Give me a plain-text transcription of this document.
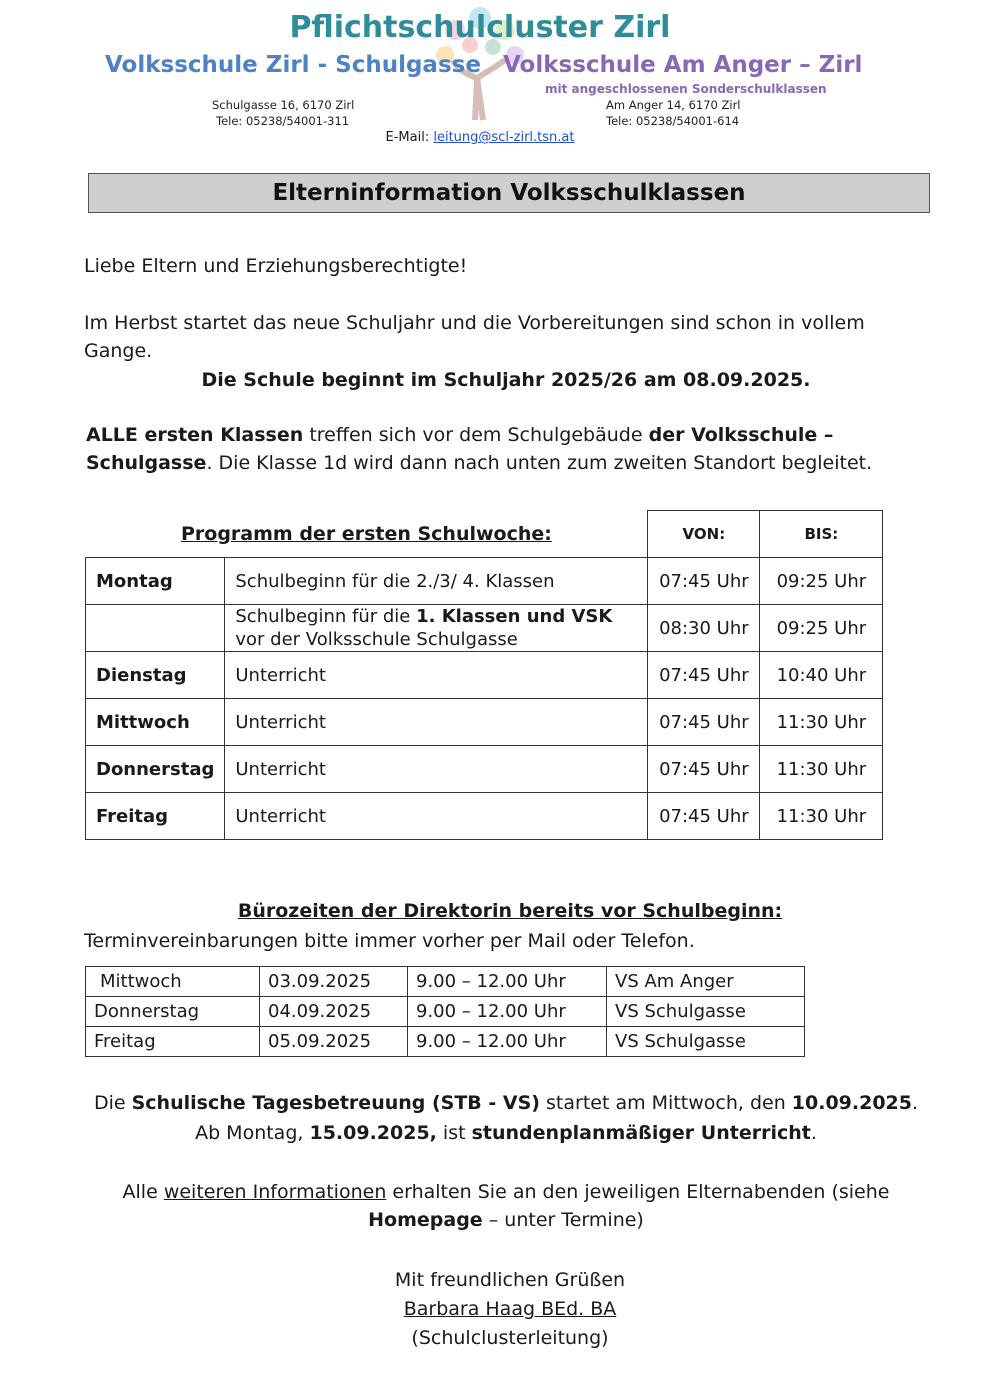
Pflichtschulcluster Zirl
Volksschule Zirl - Schulgasse Volksschule Am Anger – Zirl
mit angeschlossenen Sonderschulklassen
Schulgasse 16, 6170 Zirl
Tele: 05238/54001-311
Am Anger 14, 6170 Zirl
Tele: 05238/54001-614
E-Mail: leitung@scl-zirl.tsn.at
Elterninformation Volksschulklassen
Liebe Eltern und Erziehungsberechtigte!
Im Herbst startet das neue Schuljahr und die Vorbereitungen sind schon in vollem Gange.
Die Schule beginnt im Schuljahr 2025/26 am 08.09.2025.
ALLE ersten Klassen treffen sich vor dem Schulgebäude der Volksschule – Schulgasse. Die Klasse 1d wird dann nach unten zum zweiten Standort begleitet.
Programm der ersten Schulwoche:		VON:	BIS:
Montag	Schulbeginn für die 2./3/ 4. Klassen	07:45 Uhr	09:25 Uhr
	Schulbeginn für die 1. Klassen und VSK vor der Volksschule Schulgasse	08:30 Uhr	09:25 Uhr
Dienstag	Unterricht	07:45 Uhr	10:40 Uhr
Mittwoch	Unterricht	07:45 Uhr	11:30 Uhr
Donnerstag	Unterricht	07:45 Uhr	11:30 Uhr
Freitag	Unterricht	07:45 Uhr	11:30 Uhr
Bürozeiten der Direktorin bereits vor Schulbeginn:
Terminvereinbarungen bitte immer vorher per Mail oder Telefon.
Mittwoch	03.09.2025	9.00 – 12.00 Uhr	VS Am Anger
Donnerstag	04.09.2025	9.00 – 12.00 Uhr	VS Schulgasse
Freitag	05.09.2025	9.00 – 12.00 Uhr	VS Schulgasse
Die Schulische Tagesbetreuung (STB - VS) startet am Mittwoch, den 10.09.2025.
Ab Montag, 15.09.2025, ist stundenplanmäßiger Unterricht.
Alle weiteren Informationen erhalten Sie an den jeweiligen Elternabenden (siehe Homepage – unter Termine)
Mit freundlichen Grüßen
Barbara Haag BEd. BA
(Schulclusterleitung)
